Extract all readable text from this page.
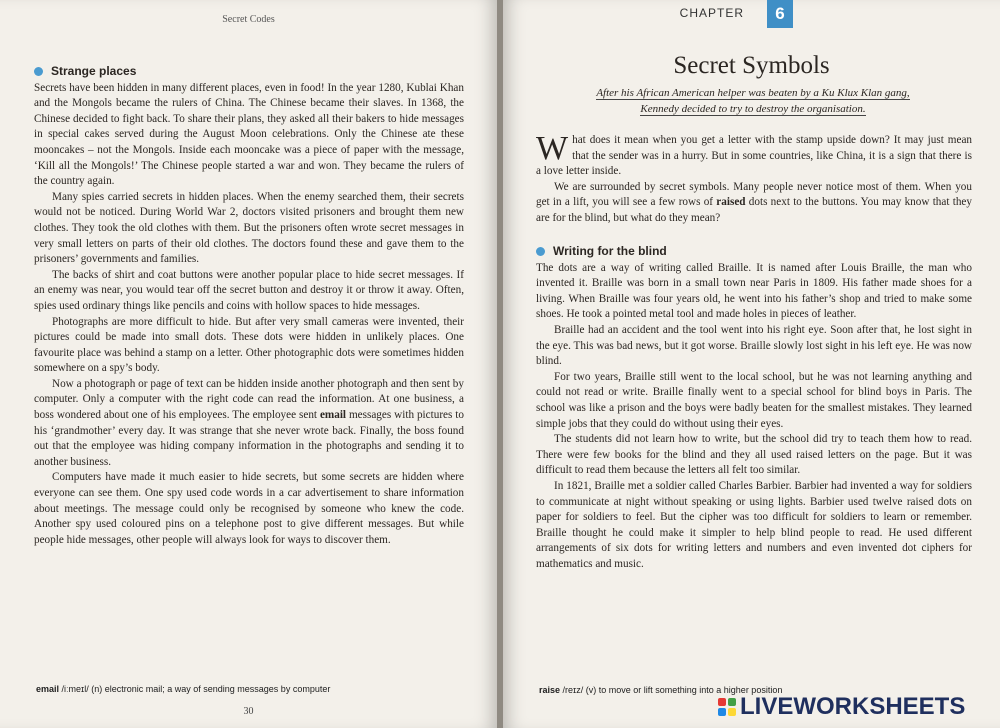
Secret Codes
Strange places

Secrets have been hidden in many different places, even in food! In the year 1280, Kublai Khan and the Mongols became the rulers of China. The Chinese became their slaves. In 1368, the Chinese decided to fight back. To share their plans, they asked all their bakers to hide messages in special cakes served during the August Moon celebrations. Only the Chinese ate these mooncakes – not the Mongols. Inside each mooncake was a piece of paper with the message, ‘Kill all the Mongols!’ The Chinese people started a war and won. They became the rulers of the country again.

Many spies carried secrets in hidden places. When the enemy searched them, their secrets would not be noticed. During World War 2, doctors visited prisoners and brought them new clothes. They took the old clothes with them. But the prisoners often wrote secret messages in very small letters on parts of their old clothes. The doctors found these and gave them to the prisoners’ governments and families.

The backs of shirt and coat buttons were another popular place to hide secret messages. If an enemy was near, you would tear off the secret button and destroy it or throw it away. Often, spies used ordinary things like pencils and coins with hollow spaces to hide messages.

Photographs are more difficult to hide. But after very small cameras were invented, their pictures could be made into small dots. These dots were hidden in unlikely places. One favourite place was behind a stamp on a letter. Other photographic dots were sometimes hidden somewhere on a spy’s body.

Now a photograph or page of text can be hidden inside another photograph and then sent by computer. Only a computer with the right code can read the information. At one business, a boss wondered about one of his employees. The employee sent email messages with pictures to his ‘grandmother’ every day. It was strange that she never wrote back. Finally, the boss found out that the employee was hiding company information in the photographs and sending it to another business.

Computers have made it much easier to hide secrets, but some secrets are hidden where everyone can see them. One spy used code words in a car advertisement to share information about meetings. The message could only be recognised by someone who knew the code. Another spy used coloured pins on a telephone post to give different messages. But while people hide messages, other people will always look for ways to discover them.

email /iːmeɪl/ (n) electronic mail; a way of sending messages by computer
30
CHAPTER	6
Secret Symbols
After his African American helper was beaten by a Ku Klux Klan gang,
Kennedy decided to try to destroy the organisation.

What does it mean when you get a letter with the stamp upside down? It may just mean that the sender was in a hurry. But in some countries, like China, it is a sign that there is a love letter inside.

We are surrounded by secret symbols. Many people never notice most of them. When you get in a lift, you will see a few rows of raised dots next to the buttons. You may know that they are for the blind, but what do they mean?

Writing for the blind

The dots are a way of writing called Braille. It is named after Louis Braille, the man who invented it. Braille was born in a small town near Paris in 1809. His father made shoes for a living. When Braille was four years old, he went into his father’s shop and tried to make some shoes. He took a pointed metal tool and made holes in pieces of leather.

Braille had an accident and the tool went into his right eye. Soon after that, he lost sight in the eye. This was bad news, but it got worse. Braille slowly lost sight in his left eye. He was now blind.

For two years, Braille still went to the local school, but he was not learning anything and could not read or write. Braille finally went to a special school for blind boys in Paris. The school was like a prison and the boys were badly beaten for the smallest mistakes. They learned simple jobs that they could do without using their eyes.

The students did not learn how to write, but the school did try to teach them how to read. There were few books for the blind and they all used raised letters on the page. But it was difficult to read them because the letters all felt too similar.

In 1821, Braille met a soldier called Charles Barbier. Barbier had invented a way for soldiers to communicate at night without speaking or using lights. Barbier used twelve raised dots on paper for soldiers to feel. But the cipher was too difficult for soldiers to learn or remember. Braille thought he could make it simpler to help blind people to read. He used different arrangements of six dots for writing letters and numbers and even invented dot ciphers for mathematics and music.

raise /reɪz/ (v) to move or lift something into a higher position
LIVEWORKSHEETS
